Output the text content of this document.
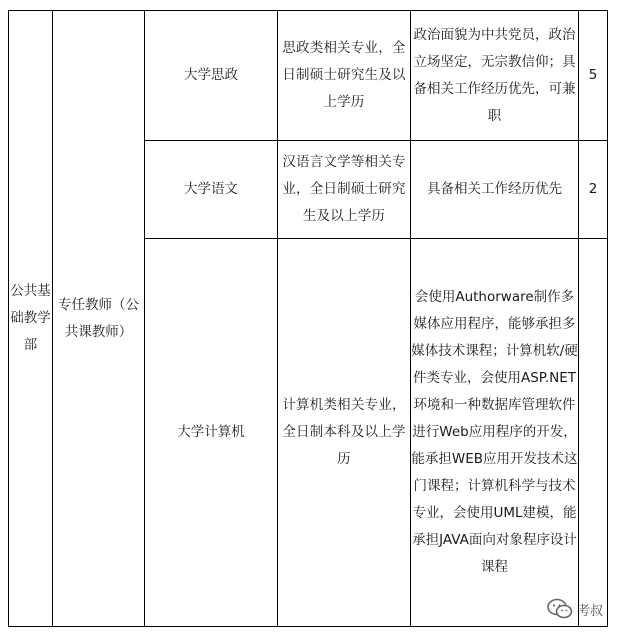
公共基础教学部	专任教师（公共课教师）	大学思政	思政类相关专业，全日制硕士研究生及以上学历	政治面貌为中共党员，政治立场坚定，无宗教信仰；具备相关工作经历优先，可兼职	5
		大学语文	汉语言文学等相关专业，全日制硕士研究生及以上学历	具备相关工作经历优先	2
		大学计算机	计算机类相关专业，全日制本科及以上学历	会使用Authorware制作多媒体应用程序，能够承担多媒体技术课程；计算机软/硬件类专业，会使用ASP.NET环境和一种数据库管理软件进行Web应用程序的开发，能承担WEB应用开发技术这门课程；计算机科学与技术专业，会使用UML建模，能承担JAVA面向对象程序设计课程	
考叔
